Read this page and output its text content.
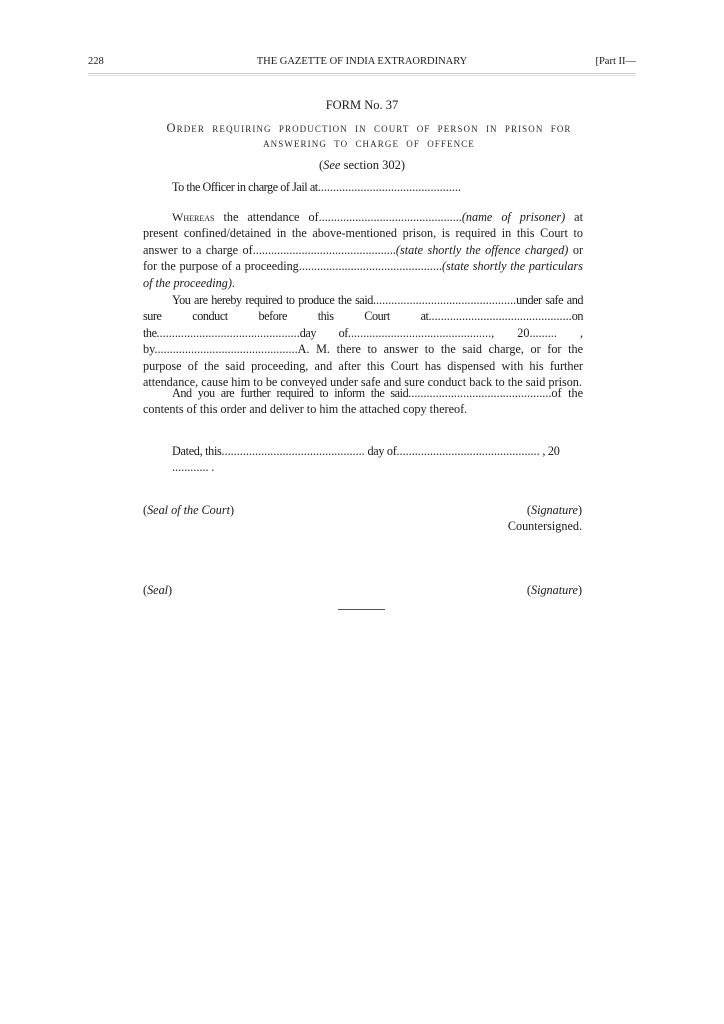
228	THE GAZETTE OF INDIA EXTRAORDINARY	[Part II—
FORM No. 37
Order requiring production in court of person in prison for answering to charge of offence
(See section 302)
To the Officer in charge of Jail at...............................................
Whereas the attendance of...............................................(name of prisoner) at present confined/detained in the above-mentioned prison, is required in this Court to answer to a charge of...............................................(state shortly the offence charged) or for the purpose of a proceeding...............................................(state shortly the particulars of the proceeding).
You are hereby required to produce the said...............................................under safe and sure conduct before this Court at...............................................on the...............................................day of..............................................., 20......... , by...............................................A. M. there to answer to the said charge, or for the purpose of the said proceeding, and after this Court has dispensed with his further attendance, cause him to be conveyed under safe and sure conduct back to the said prison.
And you are further required to inform the said...............................................of the contents of this order and deliver to him the attached copy thereof.
Dated, this............................................... day of............................................... , 20 ............ .
(Seal of the Court)	(Signature)
Countersigned.
(Seal)	(Signature)
